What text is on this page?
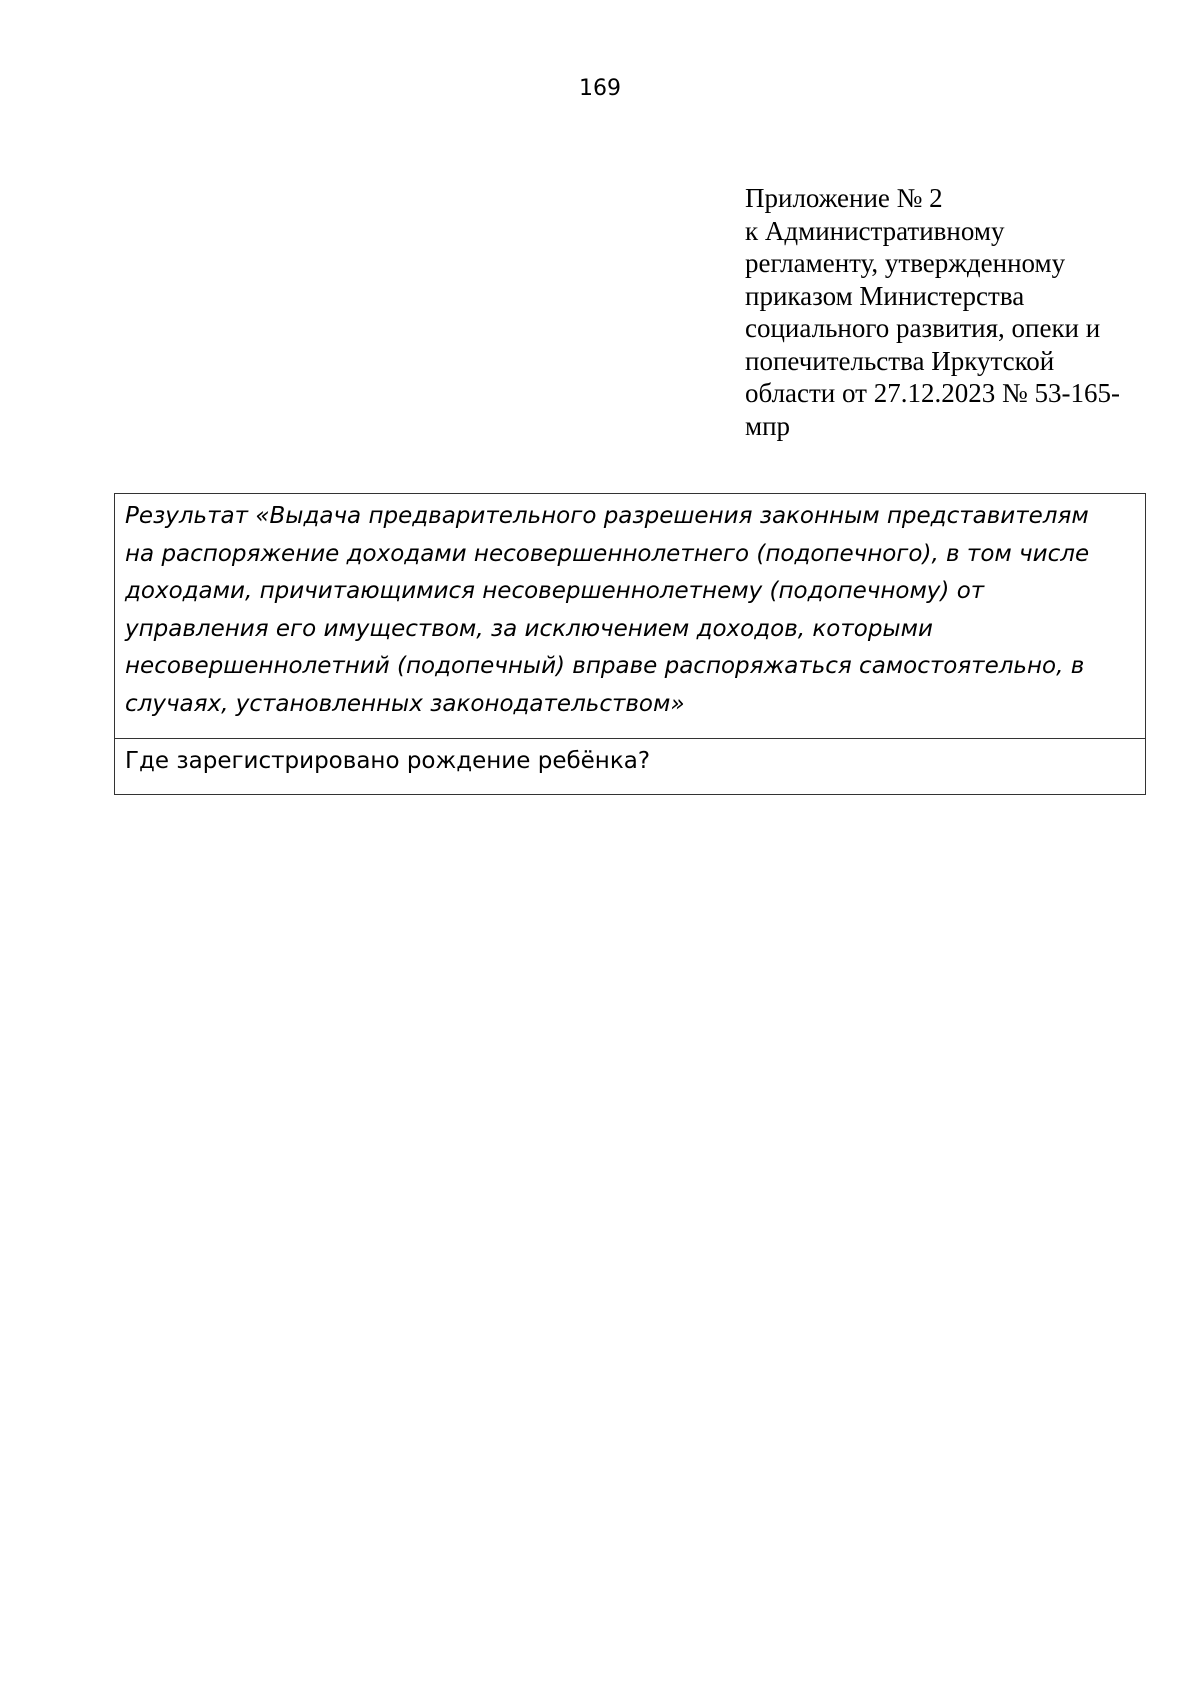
169
Приложение № 2
к Административному
регламенту, утвержденному
приказом Министерства
социального развития, опеки и
попечительства Иркутской
области от 27.12.2023 № 53-165-
мпр
Результат «Выдача предварительного разрешения законным представителям
на распоряжение доходами несовершеннолетнего (подопечного), в том числе
доходами, причитающимися несовершеннолетнему (подопечному) от
управления его имуществом, за исключением доходов, которыми
несовершеннолетний (подопечный) вправе распоряжаться самостоятельно, в
случаях, установленных законодательством»

Где зарегистрировано рождение ребёнка?
